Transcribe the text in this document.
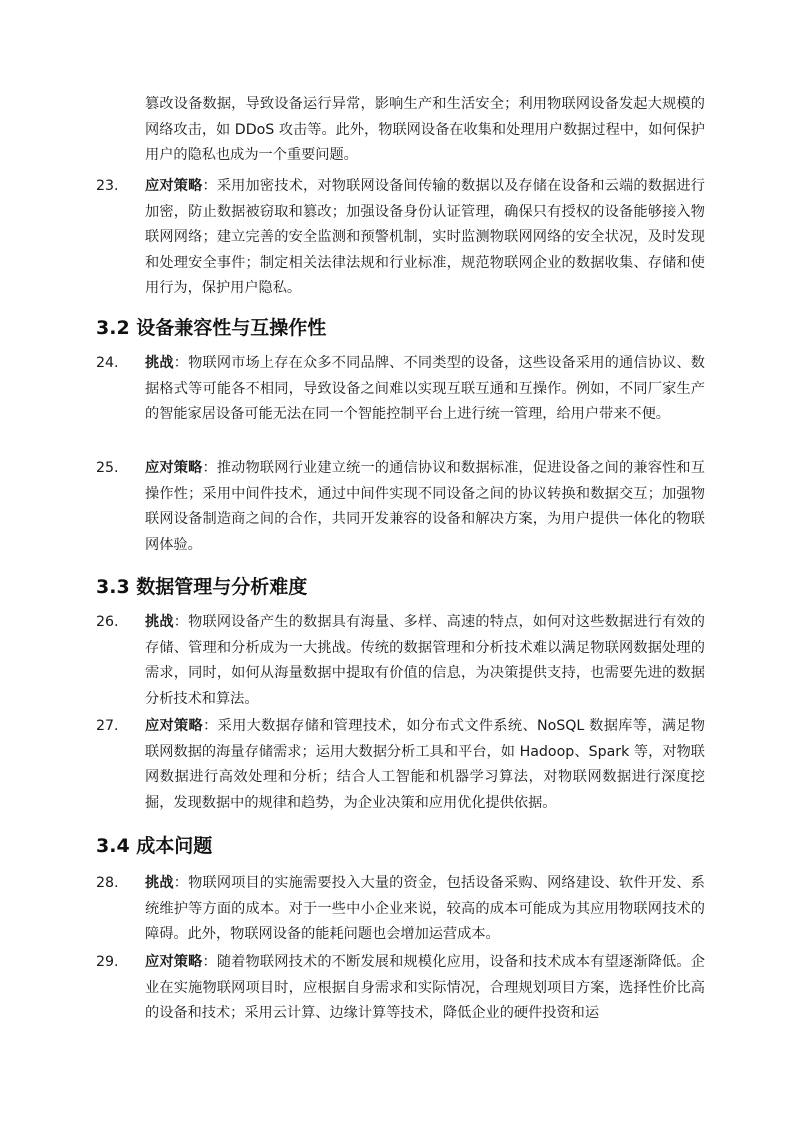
篡改设备数据，导致设备运行异常，影响生产和生活安全；利用物联网设备发起大规模的网络攻击，如 DDoS 攻击等。此外，物联网设备在收集和处理用户数据过程中，如何保护用户的隐私也成为一个重要问题。

23.	应对策略：采用加密技术，对物联网设备间传输的数据以及存储在设备和云端的数据进行加密，防止数据被窃取和篡改；加强设备身份认证管理，确保只有授权的设备能够接入物联网网络；建立完善的安全监测和预警机制，实时监测物联网网络的安全状况，及时发现和处理安全事件；制定相关法律法规和行业标准，规范物联网企业的数据收集、存储和使用行为，保护用户隐私。

3.2 设备兼容性与互操作性
24.	挑战：物联网市场上存在众多不同品牌、不同类型的设备，这些设备采用的通信协议、数据格式等可能各不相同，导致设备之间难以实现互联互通和互操作。例如，不同厂家生产的智能家居设备可能无法在同一个智能控制平台上进行统一管理，给用户带来不便。

25.	应对策略：推动物联网行业建立统一的通信协议和数据标准，促进设备之间的兼容性和互操作性；采用中间件技术，通过中间件实现不同设备之间的协议转换和数据交互；加强物联网设备制造商之间的合作，共同开发兼容的设备和解决方案，为用户提供一体化的物联网体验。

3.3 数据管理与分析难度
26.	挑战：物联网设备产生的数据具有海量、多样、高速的特点，如何对这些数据进行有效的存储、管理和分析成为一大挑战。传统的数据管理和分析技术难以满足物联网数据处理的需求，同时，如何从海量数据中提取有价值的信息，为决策提供支持，也需要先进的数据分析技术和算法。

27.	应对策略：采用大数据存储和管理技术，如分布式文件系统、NoSQL 数据库等，满足物联网数据的海量存储需求；运用大数据分析工具和平台，如 Hadoop、Spark 等，对物联网数据进行高效处理和分析；结合人工智能和机器学习算法，对物联网数据进行深度挖掘，发现数据中的规律和趋势，为企业决策和应用优化提供依据。

3.4 成本问题
28.	挑战：物联网项目的实施需要投入大量的资金，包括设备采购、网络建设、软件开发、系统维护等方面的成本。对于一些中小企业来说，较高的成本可能成为其应用物联网技术的障碍。此外，物联网设备的能耗问题也会增加运营成本。

29.	应对策略：随着物联网技术的不断发展和规模化应用，设备和技术成本有望逐渐降低。企业在实施物联网项目时，应根据自身需求和实际情况，合理规划项目方案，选择性价比高的设备和技术；采用云计算、边缘计算等技术，降低企业的硬件投资和运
